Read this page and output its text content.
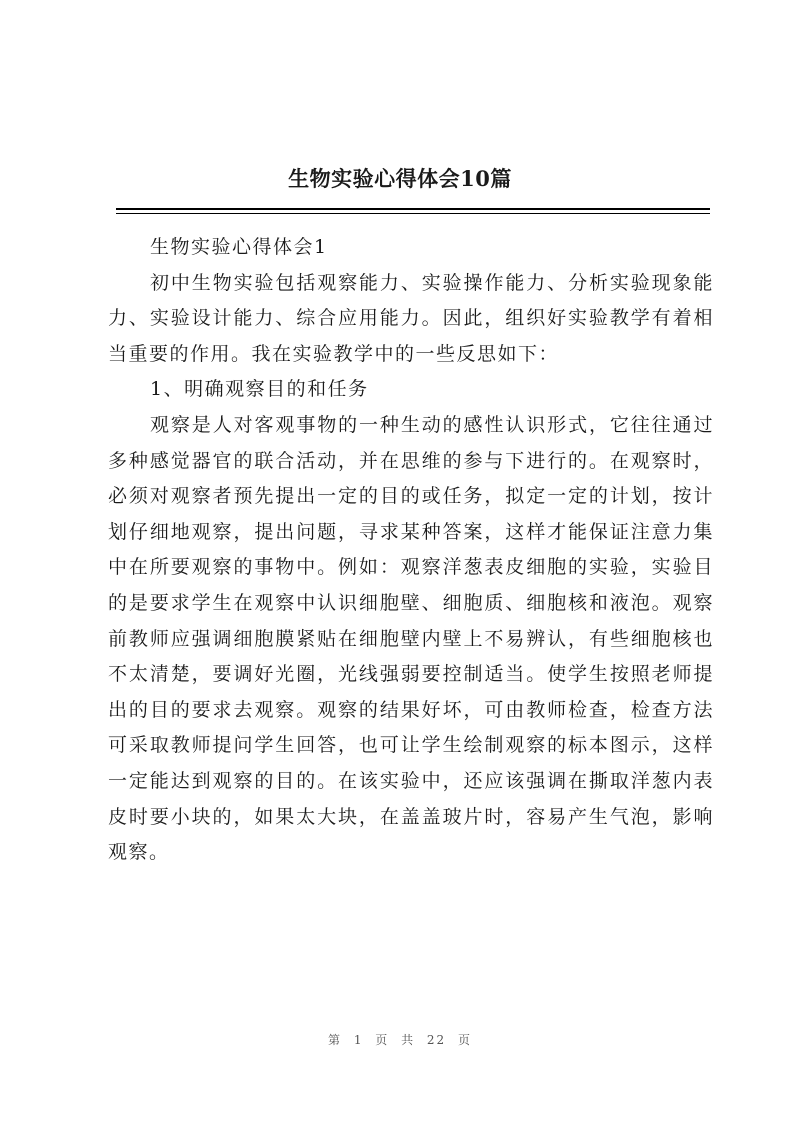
生物实验心得体会10篇

生物实验心得体会1

初中生物实验包括观察能力、实验操作能力、分析实验现象能力、实验设计能力、综合应用能力。因此，组织好实验教学有着相当重要的作用。我在实验教学中的一些反思如下：

1、明确观察目的和任务

观察是人对客观事物的一种生动的感性认识形式，它往往通过多种感觉器官的联合活动，并在思维的参与下进行的。在观察时，必须对观察者预先提出一定的目的或任务，拟定一定的计划，按计划仔细地观察，提出问题，寻求某种答案，这样才能保证注意力集中在所要观察的事物中。例如：观察洋葱表皮细胞的实验，实验目的是要求学生在观察中认识细胞壁、细胞质、细胞核和液泡。观察前教师应强调细胞膜紧贴在细胞壁内壁上不易辨认，有些细胞核也不太清楚，要调好光圈，光线强弱要控制适当。使学生按照老师提出的目的要求去观察。观察的结果好坏，可由教师检查，检查方法可采取教师提问学生回答，也可让学生绘制观察的标本图示，这样一定能达到观察的目的。在该实验中，还应该强调在撕取洋葱内表皮时要小块的，如果太大块，在盖盖玻片时，容易产生气泡，影响观察。

第 1 页 共 22 页
